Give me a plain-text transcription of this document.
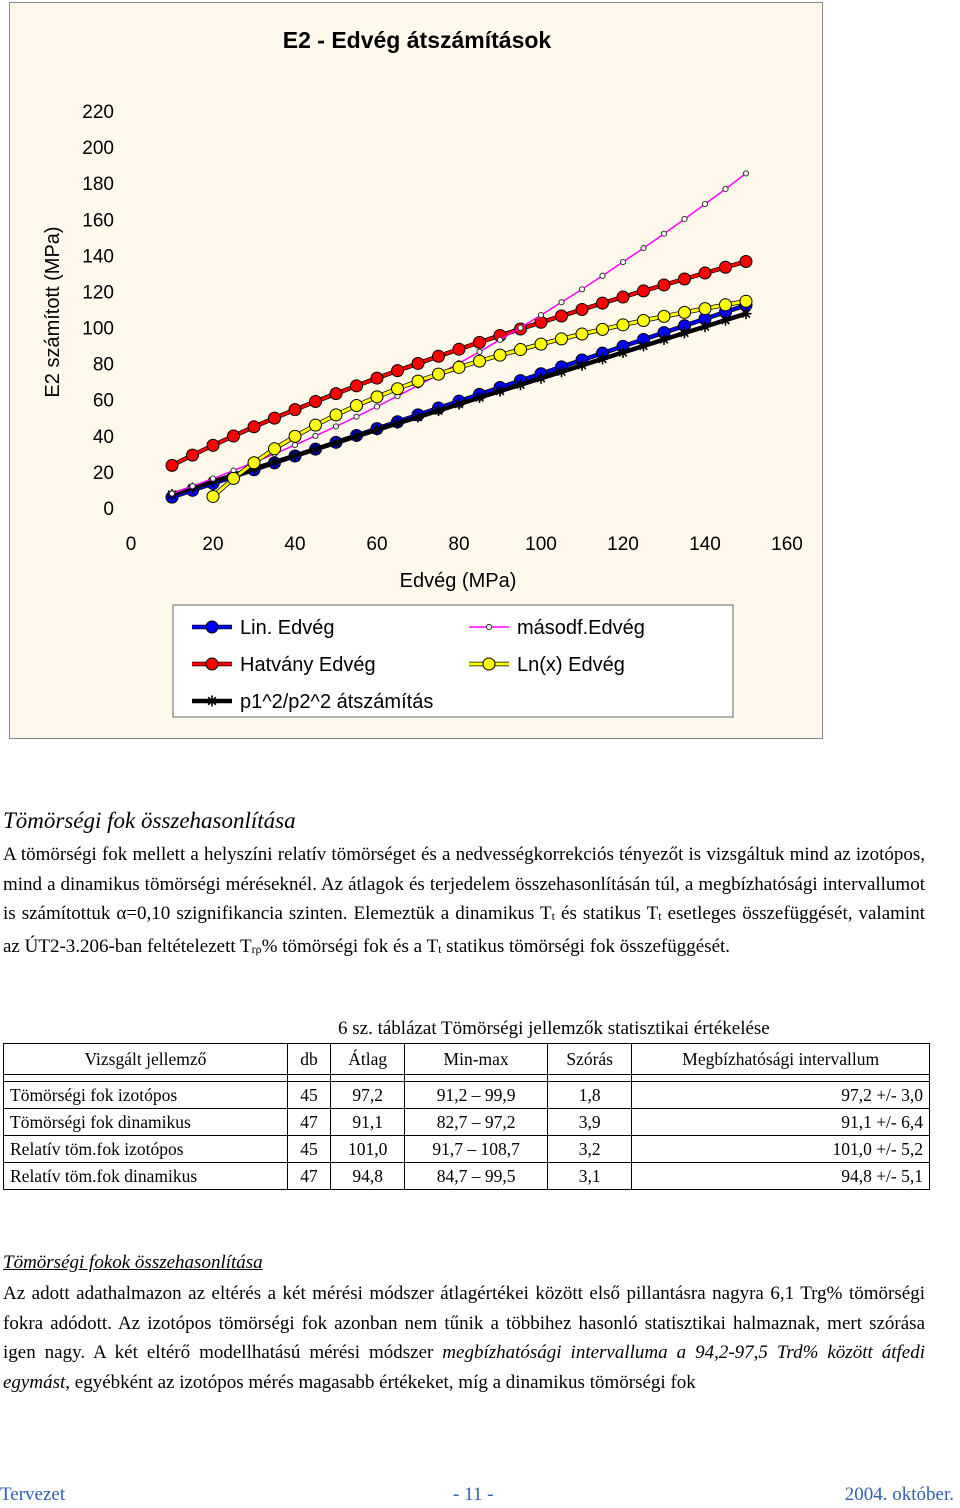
E2 - Edvég átszámítások
E2 számított (MPa)
Edvég (MPa)
0	20	40	60	80	100	120	140	160
0
20
40
60
80
100
120
140
160
180
200
220
Lin. Edvég
Hatvány Edvég
p1^2/p2^2 átszámítás
másodf.Edvég
Ln(x) Edvég
Tömörségi fok összehasonlítása
A tömörségi fok mellett a helyszíni relatív tömörséget és a nedvességkorrekciós tényezőt is vizsgáltuk mind az izotópos, mind a dinamikus tömörségi méréseknél. Az átlagok és terjedelem összehasonlításán túl, a megbízhatósági intervallumot is számítottuk α=0,10 szignifikancia szinten. Elemeztük a dinamikus Tt és statikus Tt esetleges összefüggését, valamint az ÚT2-3.206-ban feltételezett Trρ% tömörségi fok és a Tt statikus tömörségi fok összefüggését.
6 sz. táblázat Tömörségi jellemzők statisztikai értékelése
Vizsgált jellemző	db	Átlag	Min-max	Szórás	Megbízhatósági intervallum

Tömörségi fok izotópos	45	97,2	91,2 – 99,9	1,8	97,2 +/- 3,0
Tömörségi fok dinamikus	47	91,1	82,7 – 97,2	3,9	91,1 +/- 6,4
Relatív töm.fok izotópos	45	101,0	91,7 – 108,7	3,2	101,0 +/- 5,2
Relatív töm.fok dinamikus	47	94,8	84,7 – 99,5	3,1	94,8 +/- 5,1
Tömörségi fokok összehasonlítása
Az adott adathalmazon az eltérés a két mérési módszer átlagértékei között első pillantásra nagyra 6,1 Trg% tömörségi fokra adódott. Az izotópos tömörségi fok azonban nem tűnik a többihez hasonló statisztikai halmaznak, mert szórása igen nagy. A két eltérő modellhatású mérési módszer megbízhatósági intervalluma a 94,2-97,5 Trd% között átfedi egymást, egyébként az izotópos mérés magasabb értékeket, míg a dinamikus tömörségi fok
Tervezet	- 11 -	2004. október.
